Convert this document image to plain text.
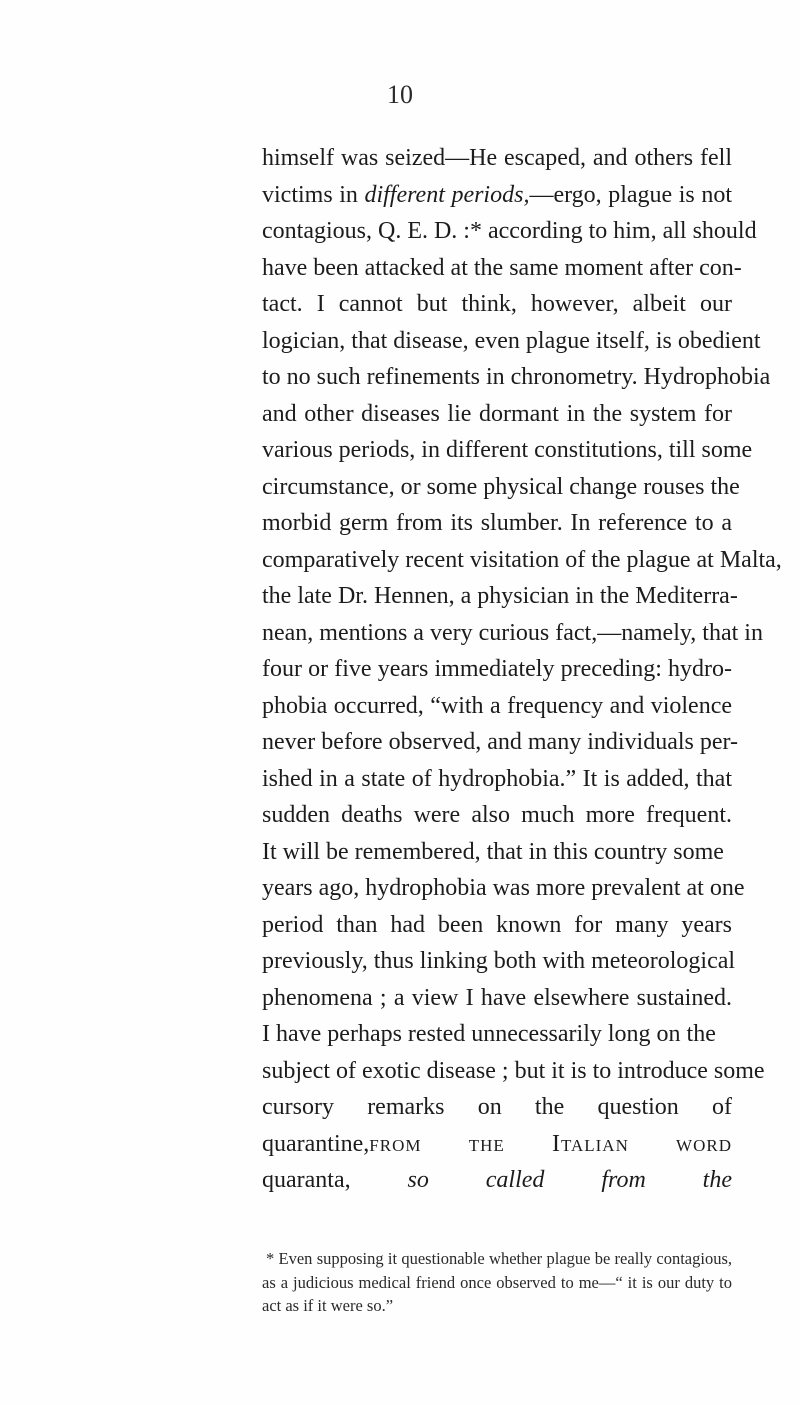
10
himself was seized—He escaped, and others fell
victims in different periods,—ergo, plague is not
contagious, Q. E. D. :* according to him, all should
have been attacked at the same moment after con-
tact. I cannot but think, however, albeit our
logician, that disease, even plague itself, is obedient
to no such refinements in chronometry. Hydrophobia
and other diseases lie dormant in the system for
various periods, in different constitutions, till some
circumstance, or some physical change rouses the
morbid germ from its slumber. In reference to a
comparatively recent visitation of the plague at Malta,
the late Dr. Hennen, a physician in the Mediterra-
nean, mentions a very curious fact,—namely, that in
four or five years immediately preceding: hydro-
phobia occurred, “with a frequency and violence
never before observed, and many individuals per-
ished in a state of hydrophobia.” It is added, that
sudden deaths were also much more frequent.
It will be remembered, that in this country some
years ago, hydrophobia was more prevalent at one
period than had been known for many years
previously, thus linking both with meteorological
phenomena ; a view I have elsewhere sustained.
I have perhaps rested unnecessarily long on the
subject of exotic disease ; but it is to introduce some
cursory remarks on the question of
quarantine,from the Italian word
quaranta, so called from the
* Even supposing it questionable whether plague be really contagious,
as a judicious medical friend once observed to me—“ it is our duty to
act as if it were so.”
